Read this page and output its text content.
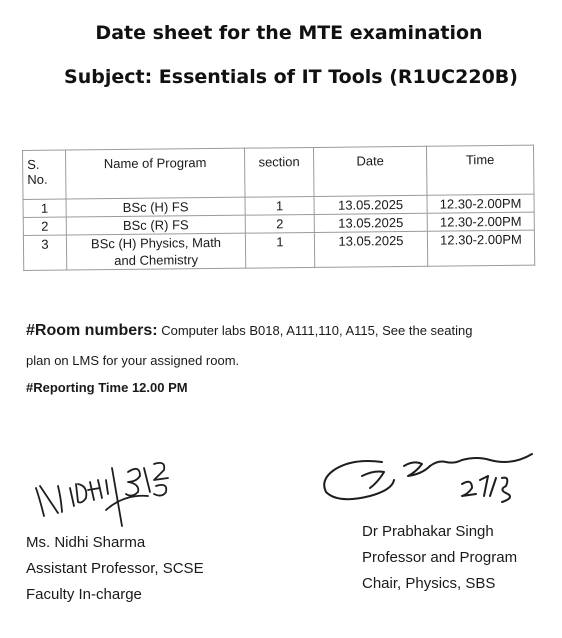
Date sheet for the MTE examination
Subject: Essentials of IT Tools (R1UC220B)
S.
No.	Name of Program	section	Date	Time
1	BSc (H) FS	1	13.05.2025	12.30-2.00PM
2	BSc (R) FS	2	13.05.2025	12.30-2.00PM
3	BSc (H) Physics, Math
and Chemistry	1	13.05.2025	12.30-2.00PM
#Room numbers: Computer labs B018, A111,110, A115, See the seating
plan on LMS for your assigned room.
#Reporting Time 12.00 PM
Nidhi
Ms. Nidhi Sharma
Assistant Professor, SCSE
Faculty In-charge
Dr Prabhakar Singh
Professor and Program
Chair, Physics, SBS
